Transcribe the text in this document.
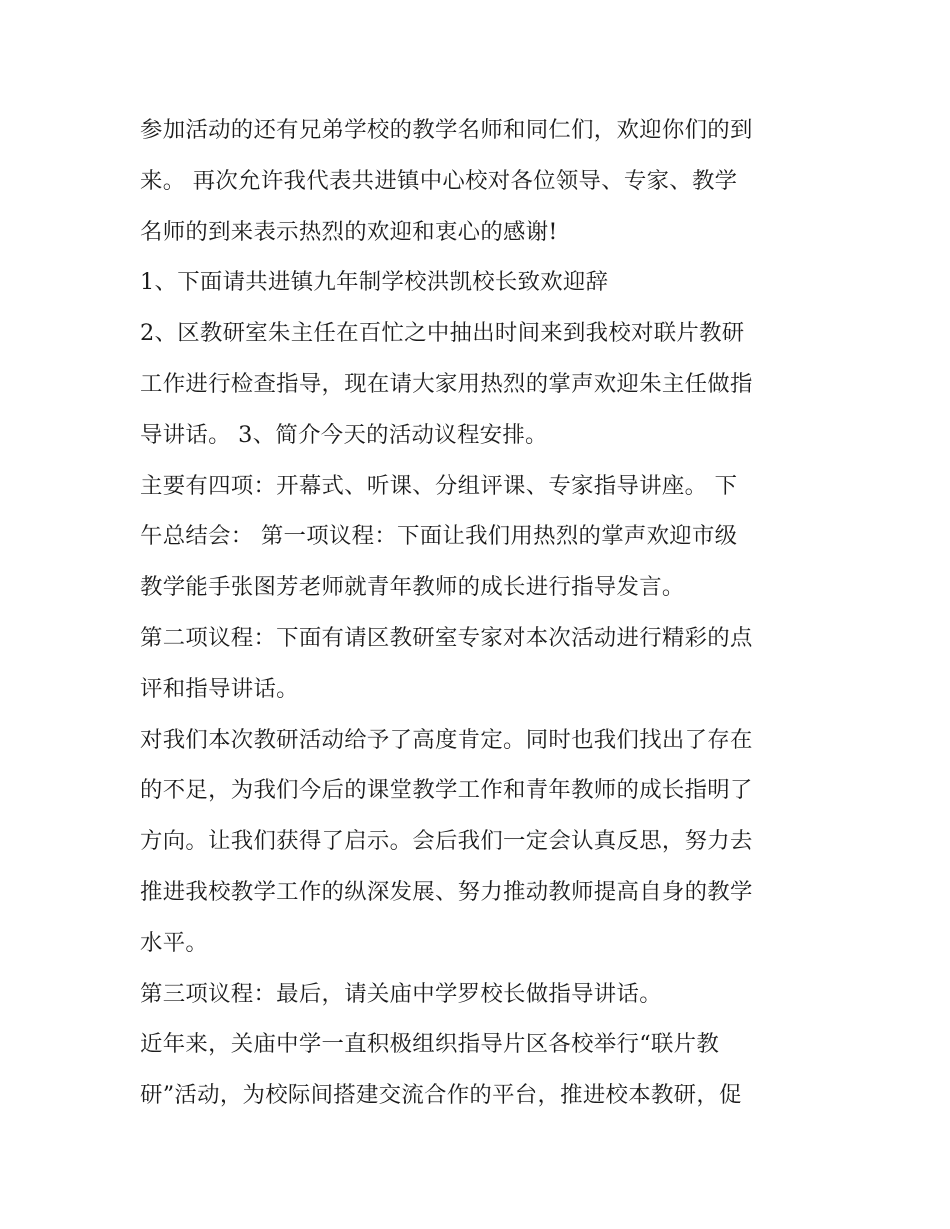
参加活动的还有兄弟学校的教学名师和同仁们，欢迎你们的到
来。 再次允许我代表共进镇中心校对各位领导、专家、教学
名师的到来表示热烈的欢迎和衷心的感谢!
1、下面请共进镇九年制学校洪凯校长致欢迎辞
2、区教研室朱主任在百忙之中抽出时间来到我校对联片教研
工作进行检查指导，现在请大家用热烈的掌声欢迎朱主任做指
导讲话。 3、简介今天的活动议程安排。
主要有四项：开幕式、听课、分组评课、专家指导讲座。 下
午总结会： 第一项议程：下面让我们用热烈的掌声欢迎市级
教学能手张图芳老师就青年教师的成长进行指导发言。
第二项议程：下面有请区教研室专家对本次活动进行精彩的点
评和指导讲话。
对我们本次教研活动给予了高度肯定。同时也我们找出了存在
的不足，为我们今后的课堂教学工作和青年教师的成长指明了
方向。让我们获得了启示。会后我们一定会认真反思，努力去
推进我校教学工作的纵深发展、努力推动教师提高自身的教学
水平。
第三项议程：最后，请关庙中学罗校长做指导讲话。
近年来，关庙中学一直积极组织指导片区各校举行“联片教
研”活动，为校际间搭建交流合作的平台，推进校本教研，促
